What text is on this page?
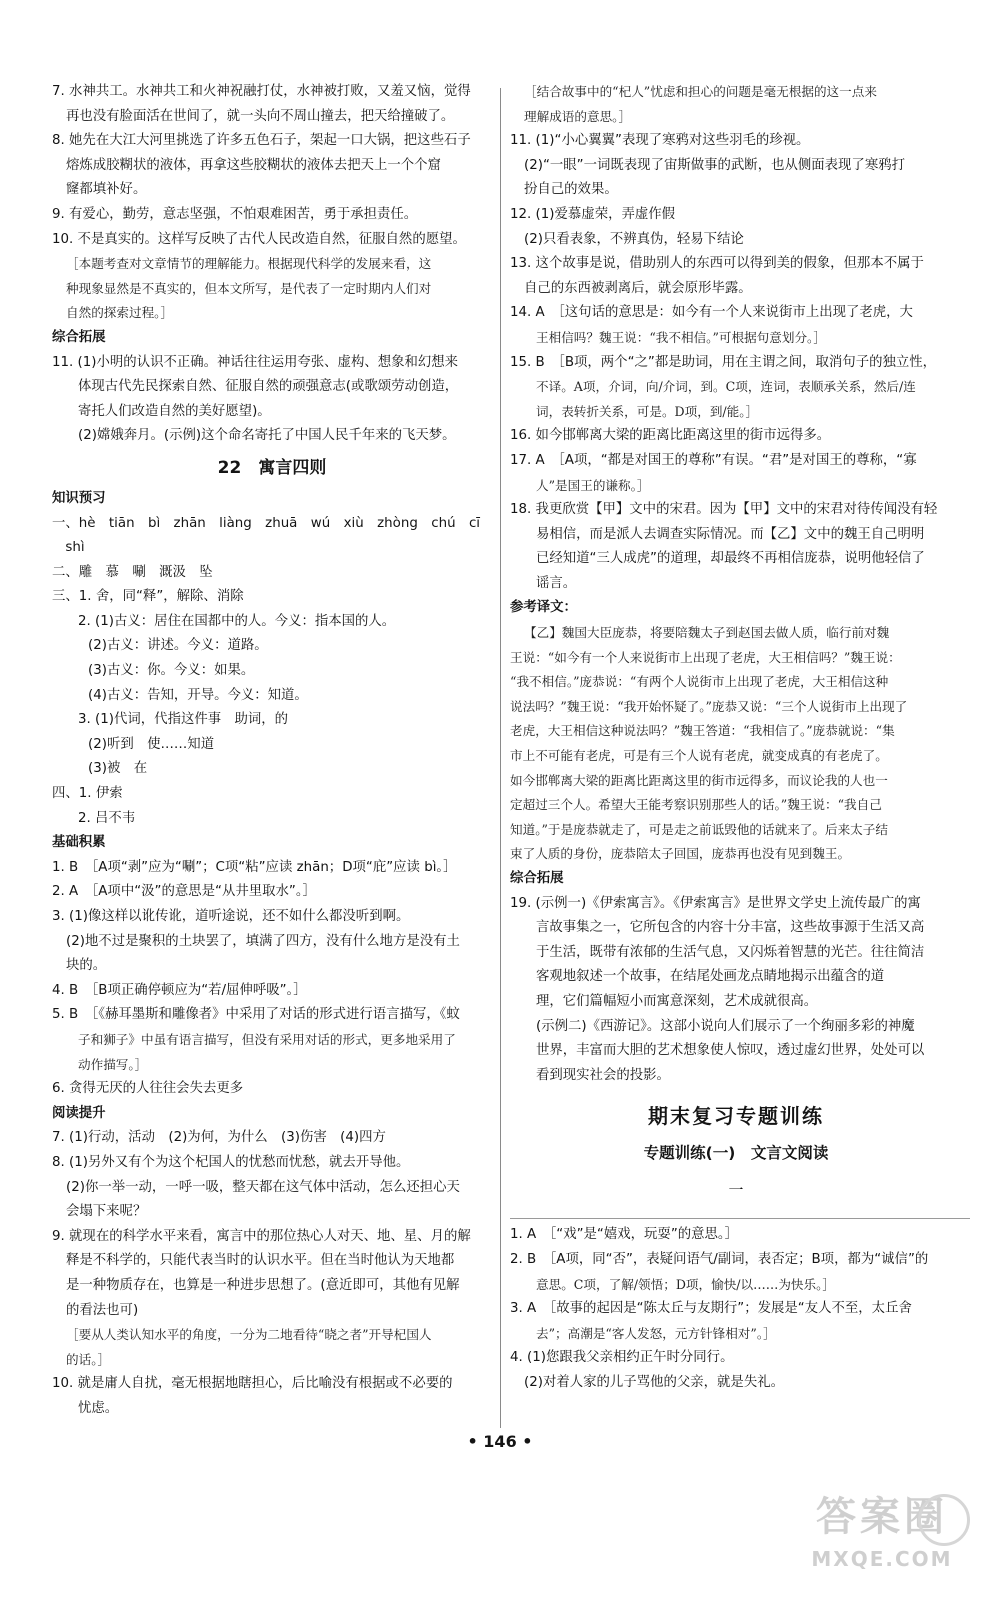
7. 水神共工。水神共工和火神祝融打仗，水神被打败，又羞又恼，觉得
再也没有脸面活在世间了，就一头向不周山撞去，把天给撞破了。
8. 她先在大江大河里挑选了许多五色石子，架起一口大锅，把这些石子
熔炼成胶糊状的液体，再拿这些胶糊状的液体去把天上一个个窟
窿都填补好。
9. 有爱心，勤劳，意志坚强，不怕艰难困苦，勇于承担责任。
10. 不是真实的。这样写反映了古代人民改造自然，征服自然的愿望。
［本题考查对文章情节的理解能力。根据现代科学的发展来看，这
种现象显然是不真实的，但本文所写，是代表了一定时期内人们对
自然的探索过程。］
综合拓展
11. (1)小明的认识不正确。神话往往运用夸张、虚构、想象和幻想来
体现古代先民探索自然、征服自然的顽强意志(或歌颂劳动创造，
寄托人们改造自然的美好愿望)。
(2)嫦娥奔月。(示例)这个命名寄托了中国人民千年来的飞天梦。
22　寓言四则
知识预习
一、hè　tiān　bì　zhān　liàng　zhuā　wú　xiù　zhòng　chú　cī
　shì
二、雕　慕　唰　溉汲　坠
三、1. 舍，同“释”，解除、消除
2. (1)古义：居住在国都中的人。今义：指本国的人。
(2)古义：讲述。今义：道路。
(3)古义：你。今义：如果。
(4)古义：告知，开导。今义：知道。
3. (1)代词，代指这件事　助词，的
(2)听到　使……知道
(3)被　在
四、1. 伊索
2. 吕不韦
基础积累
1. B　［A项“剥”应为“唰”；C项“粘”应读 zhān；D项“庇”应读 bì。］
2. A　［A项中“汲”的意思是“从井里取水”。］
3. (1)像这样以讹传讹，道听途说，还不如什么都没听到啊。
(2)地不过是聚积的土块罢了，填满了四方，没有什么地方是没有土
块的。
4. B　［B项正确停顿应为“若/屈伸呼吸”。］
5. B　［《赫耳墨斯和雕像者》中采用了对话的形式进行语言描写，《蚊
子和狮子》中虽有语言描写，但没有采用对话的形式，更多地采用了
动作描写。］
6. 贪得无厌的人往往会失去更多
阅读提升
7. (1)行动，活动　(2)为何，为什么　(3)伤害　(4)四方
8. (1)另外又有个为这个杞国人的忧愁而忧愁，就去开导他。
(2)你一举一动，一呼一吸，整天都在这气体中活动，怎么还担心天
会塌下来呢？
9. 就现在的科学水平来看，寓言中的那位热心人对天、地、星、月的解
释是不科学的，只能代表当时的认识水平。但在当时他认为天地都
是一种物质存在，也算是一种进步思想了。(意近即可，其他有见解
的看法也可)
［要从人类认知水平的角度，一分为二地看待“晓之者”开导杞国人
的话。］
10. 就是庸人自扰，毫无根据地瞎担心，后比喻没有根据或不必要的
忧虑。
［结合故事中的“杞人”忧虑和担心的问题是毫无根据的这一点来
理解成语的意思。］
11. (1)“小心翼翼”表现了寒鸦对这些羽毛的珍视。
(2)“一眼”一词既表现了宙斯做事的武断，也从侧面表现了寒鸦打
扮自己的效果。
12. (1)爱慕虚荣，弄虚作假
(2)只看表象，不辨真伪，轻易下结论
13. 这个故事是说，借助别人的东西可以得到美的假象，但那本不属于
自己的东西被剥离后，就会原形毕露。
14. A　［这句话的意思是：如今有一个人来说街市上出现了老虎，大
王相信吗？魏王说：“我不相信。”可根据句意划分。］
15. B　［B项，两个“之”都是助词，用在主谓之间，取消句子的独立性，
不译。A项，介词，向/介词，到。C项，连词，表顺承关系，然后/连
词，表转折关系，可是。D项，到/能。］
16. 如今邯郸离大梁的距离比距离这里的街市远得多。
17. A　［A项，“都是对国王的尊称”有误。“君”是对国王的尊称，“寡
人”是国王的谦称。］
18. 我更欣赏【甲】文中的宋君。因为【甲】文中的宋君对待传闻没有轻
易相信，而是派人去调查实际情况。而【乙】文中的魏王自己明明
已经知道“三人成虎”的道理，却最终不再相信庞恭，说明他轻信了
谣言。
参考译文：
【乙】魏国大臣庞恭，将要陪魏太子到赵国去做人质，临行前对魏
王说：“如今有一个人来说街市上出现了老虎，大王相信吗？”魏王说：
“我不相信。”庞恭说：“有两个人说街市上出现了老虎，大王相信这种
说法吗？”魏王说：“我开始怀疑了。”庞恭又说：“三个人说街市上出现了
老虎，大王相信这种说法吗？”魏王答道：“我相信了。”庞恭就说：“集
市上不可能有老虎，可是有三个人说有老虎，就变成真的有老虎了。
如今邯郸离大梁的距离比距离这里的街市远得多，而议论我的人也一
定超过三个人。希望大王能考察识别那些人的话。”魏王说：“我自己
知道。”于是庞恭就走了，可是走之前诋毁他的话就来了。后来太子结
束了人质的身份，庞恭陪太子回国，庞恭再也没有见到魏王。
综合拓展
19. (示例一)《伊索寓言》。《伊索寓言》是世界文学史上流传最广的寓
言故事集之一，它所包含的内容十分丰富，这些故事源于生活又高
于生活，既带有浓郁的生活气息，又闪烁着智慧的光芒。往往简洁
客观地叙述一个故事，在结尾处画龙点睛地揭示出蕴含的道
理，它们篇幅短小而寓意深刻，艺术成就很高。
(示例二)《西游记》。这部小说向人们展示了一个绚丽多彩的神魔
世界，丰富而大胆的艺术想象使人惊叹，透过虚幻世界，处处可以
看到现实社会的投影。
期末复习专题训练
专题训练(一)　文言文阅读
一
1. A　［“戏”是“嬉戏，玩耍”的意思。］
2. B　［A项，同“否”，表疑问语气/副词，表否定；B项，都为“诚信”的
意思。C项，了解/领悟；D项，愉快/以……为快乐。］
3. A　［故事的起因是“陈太丘与友期行”；发展是“友人不至，太丘舍
去”；高潮是“客人发怒，元方针锋相对”。］
4. (1)您跟我父亲相约正午时分同行。
(2)对着人家的儿子骂他的父亲，就是失礼。
• 146 •
答案圈
MXQE.COM
